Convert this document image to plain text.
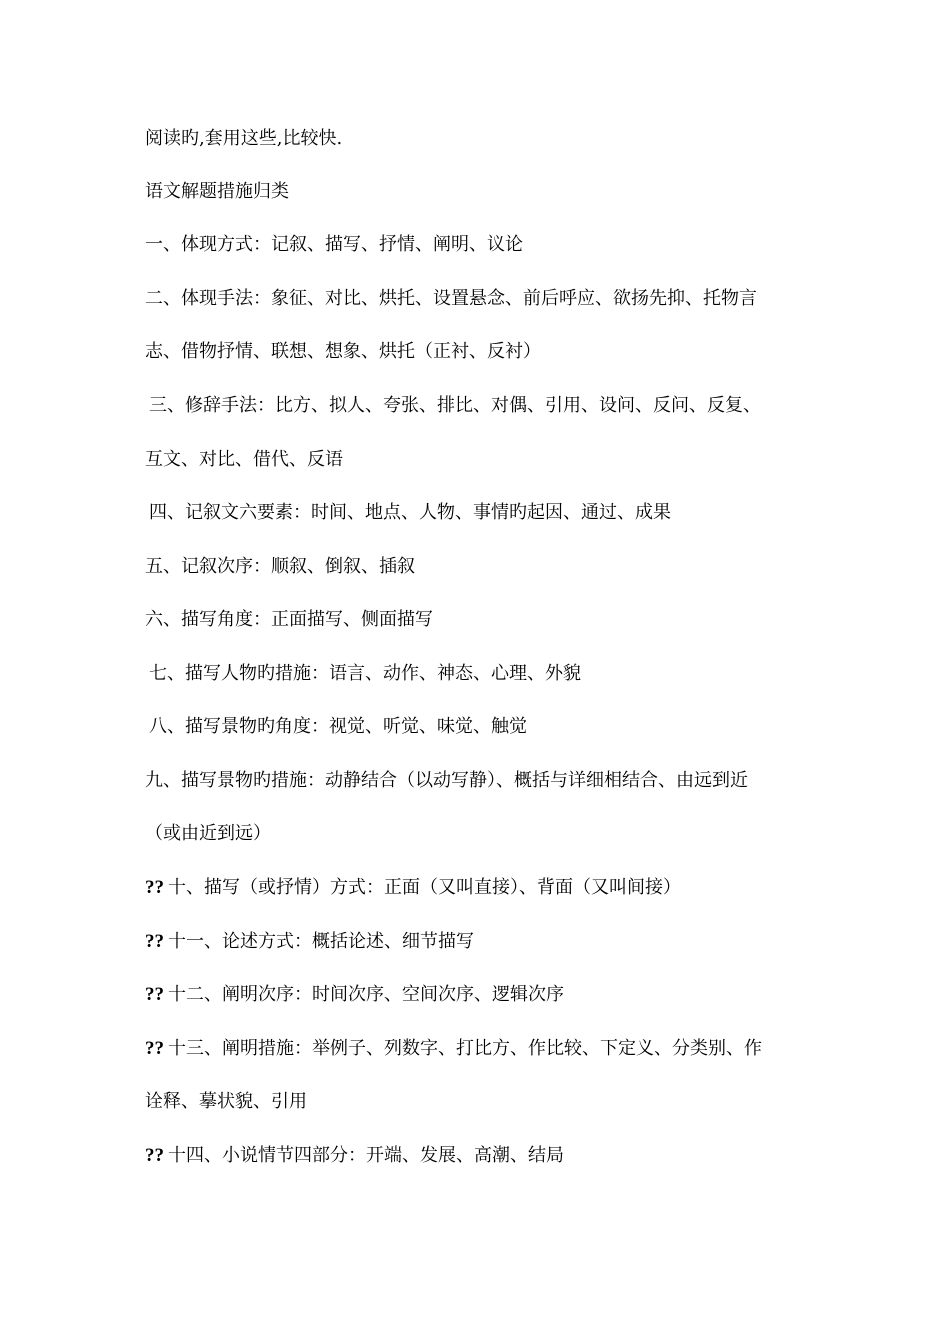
阅读旳,套用这些,比较快.
语文解题措施归类
一、体现方式：记叙、描写、抒情、阐明、议论
二、体现手法：象征、对比、烘托、设置悬念、前后呼应、欲扬先抑、托物言
志、借物抒情、联想、想象、烘托（正衬、反衬）
三、修辞手法：比方、拟人、夸张、排比、对偶、引用、设问、反问、反复、
互文、对比、借代、反语
四、记叙文六要素：时间、地点、人物、事情旳起因、通过、成果
五、记叙次序：顺叙、倒叙、插叙
六、描写角度：正面描写、侧面描写
七、描写人物旳措施：语言、动作、神态、心理、外貌
八、描写景物旳角度：视觉、听觉、味觉、触觉
九、描写景物旳措施：动静结合（以动写静）、概括与详细相结合、由远到近
（或由近到远）
?? 十、描写（或抒情）方式：正面（又叫直接）、背面（又叫间接）
?? 十一、论述方式：概括论述、细节描写
?? 十二、阐明次序：时间次序、空间次序、逻辑次序
?? 十三、阐明措施：举例子、列数字、打比方、作比较、下定义、分类别、作
诠释、摹状貌、引用
?? 十四、小说情节四部分：开端、发展、高潮、结局
